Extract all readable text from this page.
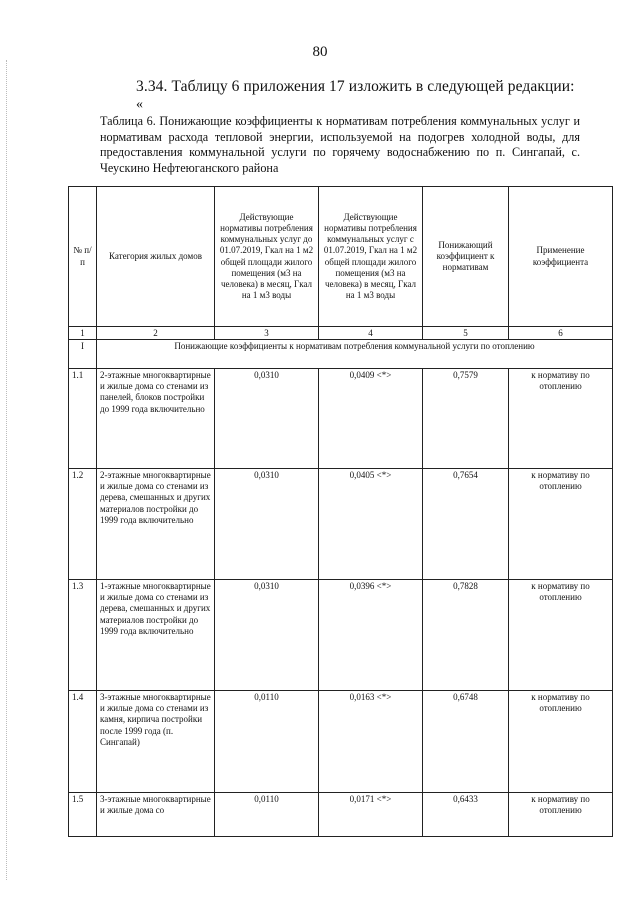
80
3.34. Таблицу 6 приложения 17 изложить в следующей редакции:
«
Таблица 6. Понижающие коэффициенты к нормативам потребления коммунальных услуг и нормативам расхода тепловой энергии, используемой на подогрев холодной воды, для предоставления коммунальной услуги по горячему водоснабжению по п. Сингапай, с. Чеускино Нефтеюганского района
№ п/п	Категория жилых домов	Действующие нормативы потребления коммунальных услуг до 01.07.2019, Гкал на 1 м2 общей площади жилого помещения (м3 на человека) в месяц, Гкал на 1 м3 воды	Действующие нормативы потребления коммунальных услуг с 01.07.2019, Гкал на 1 м2 общей площади жилого помещения (м3 на человека) в месяц, Гкал на 1 м3 воды	Понижающий коэффициент к нормативам	Применение коэффициента
1	2	3	4	5	6
I	Понижающие коэффициенты к нормативам потребления коммунальной услуги по отоплению				
1.1	2-этажные многоквартирные и жилые дома со стенами из панелей, блоков постройки до 1999 года включительно	0,0310	0,0409 <*>	0,7579	к нормативу по отоплению
1.2	2-этажные многоквартирные и жилые дома со стенами из дерева, смешанных и других материалов постройки до 1999 года включительно	0,0310	0,0405 <*>	0,7654	к нормативу по отоплению
1.3	1-этажные многоквартирные и жилые дома со стенами из дерева, смешанных и других материалов постройки до 1999 года включительно	0,0310	0,0396 <*>	0,7828	к нормативу по отоплению
1.4	3-этажные многоквартирные и жилые дома со стенами из камня, кирпича постройки после 1999 года (п. Сингапай)	0,0110	0,0163 <*>	0,6748	к нормативу по отоплению
1.5	3-этажные многоквартирные и жилые дома со	0,0110	0,0171 <*>	0,6433	к нормативу по отоплению
